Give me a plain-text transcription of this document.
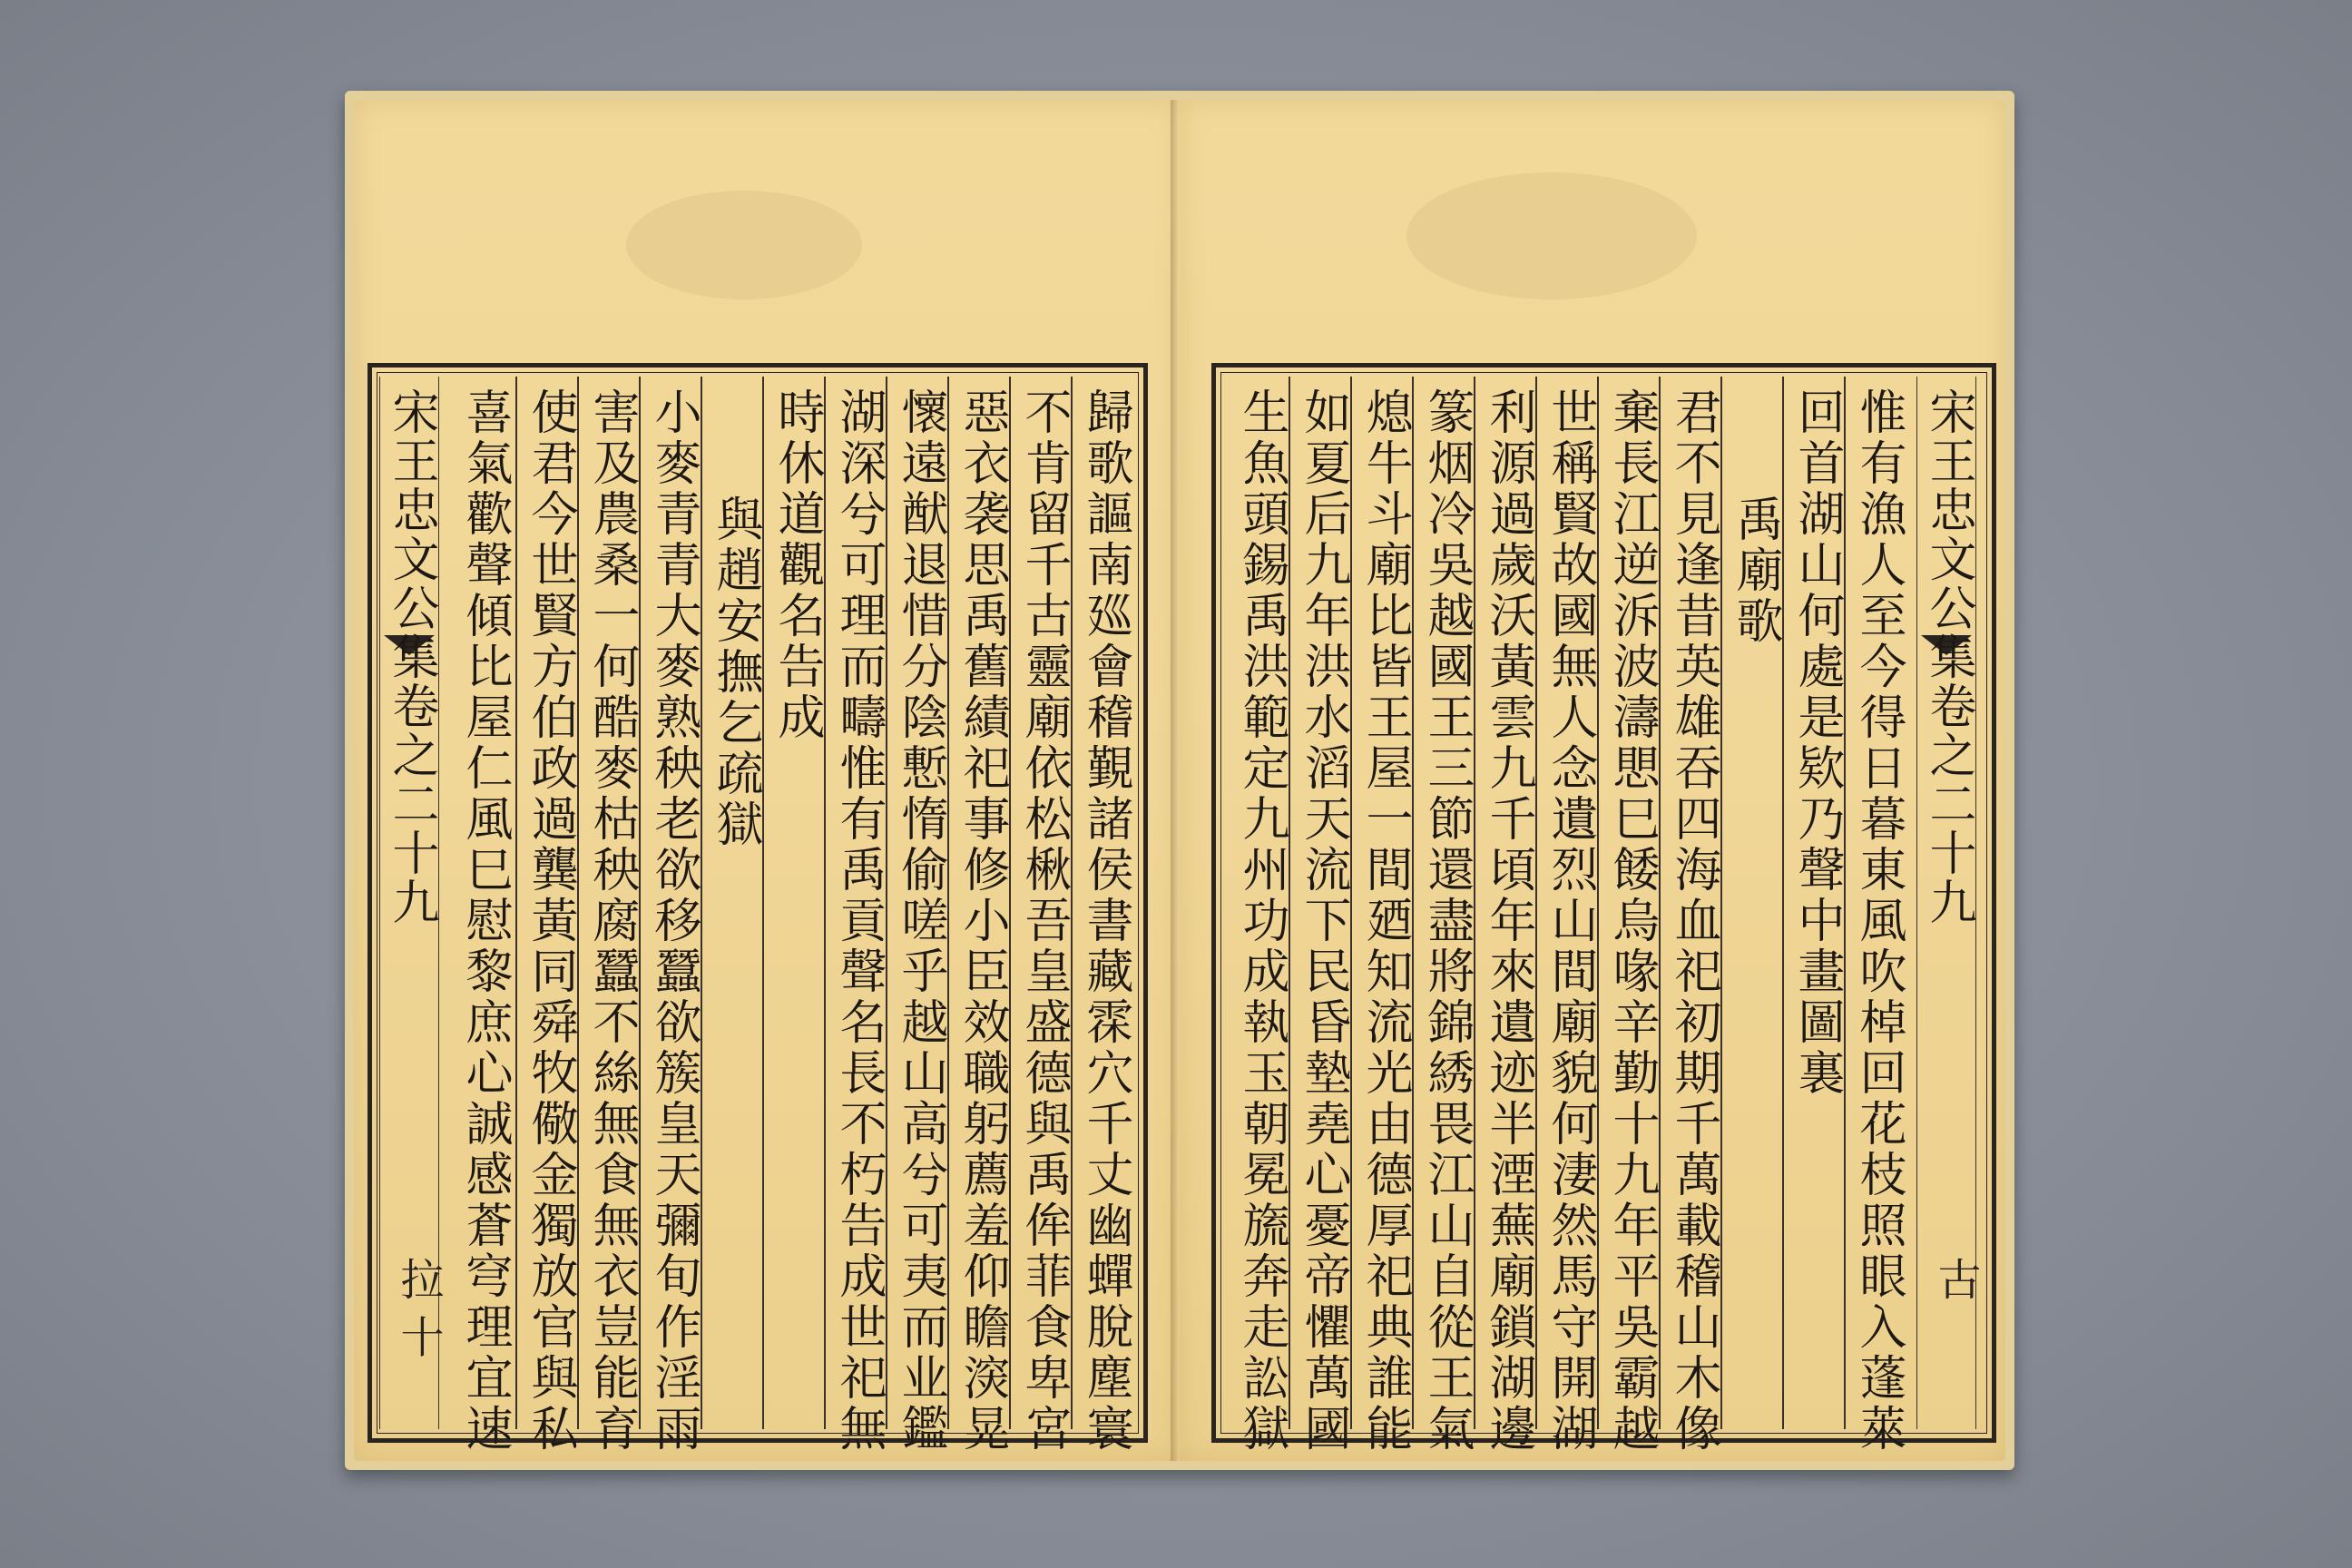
宋王忠文公集卷之二十九
拉 十	歸歌謳南廵會稽覲諸侯書藏𩂯穴千丈幽蟬脫塵寰
不肯留千古靈廟依松楸吾皇盛德與禹侔菲食卑宮
惡衣袭思禹舊績祀事修小臣效職躬薦羞仰瞻㴱晃
懷遠猷退惜分陰慙惰偷嗟乎越山高兮可夷而业鑑
湖深兮可理而疇惟有禹貢聲名長不朽告成世祀無
時休道觀名告成
與趙安撫乞疏獄
小麥青青大麥熟秧老欲移蠶欲簇皇天彌旬作淫雨
害及農桑一何酷麥枯秧腐蠶不絲無食無衣豈能育
使君今世賢方伯政過龔黃同舜牧儆金獨放官與私
喜氣歡聲傾比屋仁風巳慰黎庶心誠感蒼穹理宜速	宋王忠文公集卷之二十九
古
惟有漁人至今得日暮東風吹棹回花枝照眼入蓬萊
回首湖山何處是欵乃聲中畫圖裏
禹廟歌
君不見逢昔英雄吞四海血祀初期千萬載稽山木像
棄長江逆泝波濤愳巳餧烏喙辛勤十九年平吳霸越
世稱賢故國無人念遺烈山間廟貌何淒然馬守開湖
利源過歲沃黃雲九千頃年來遺迹半湮蕪廟鎖湖邊
篆烟冷吳越國王三節還盡將錦綉畏江山自從王氣
熄牛斗廟比皆王屋一間廼知流光由德厚祀典誰能
如夏后九年洪水滔天流下民昏墊堯心憂帝懼萬國
生魚頭錫禹洪範定九州功成執玉朝冕旒奔走訟獄
